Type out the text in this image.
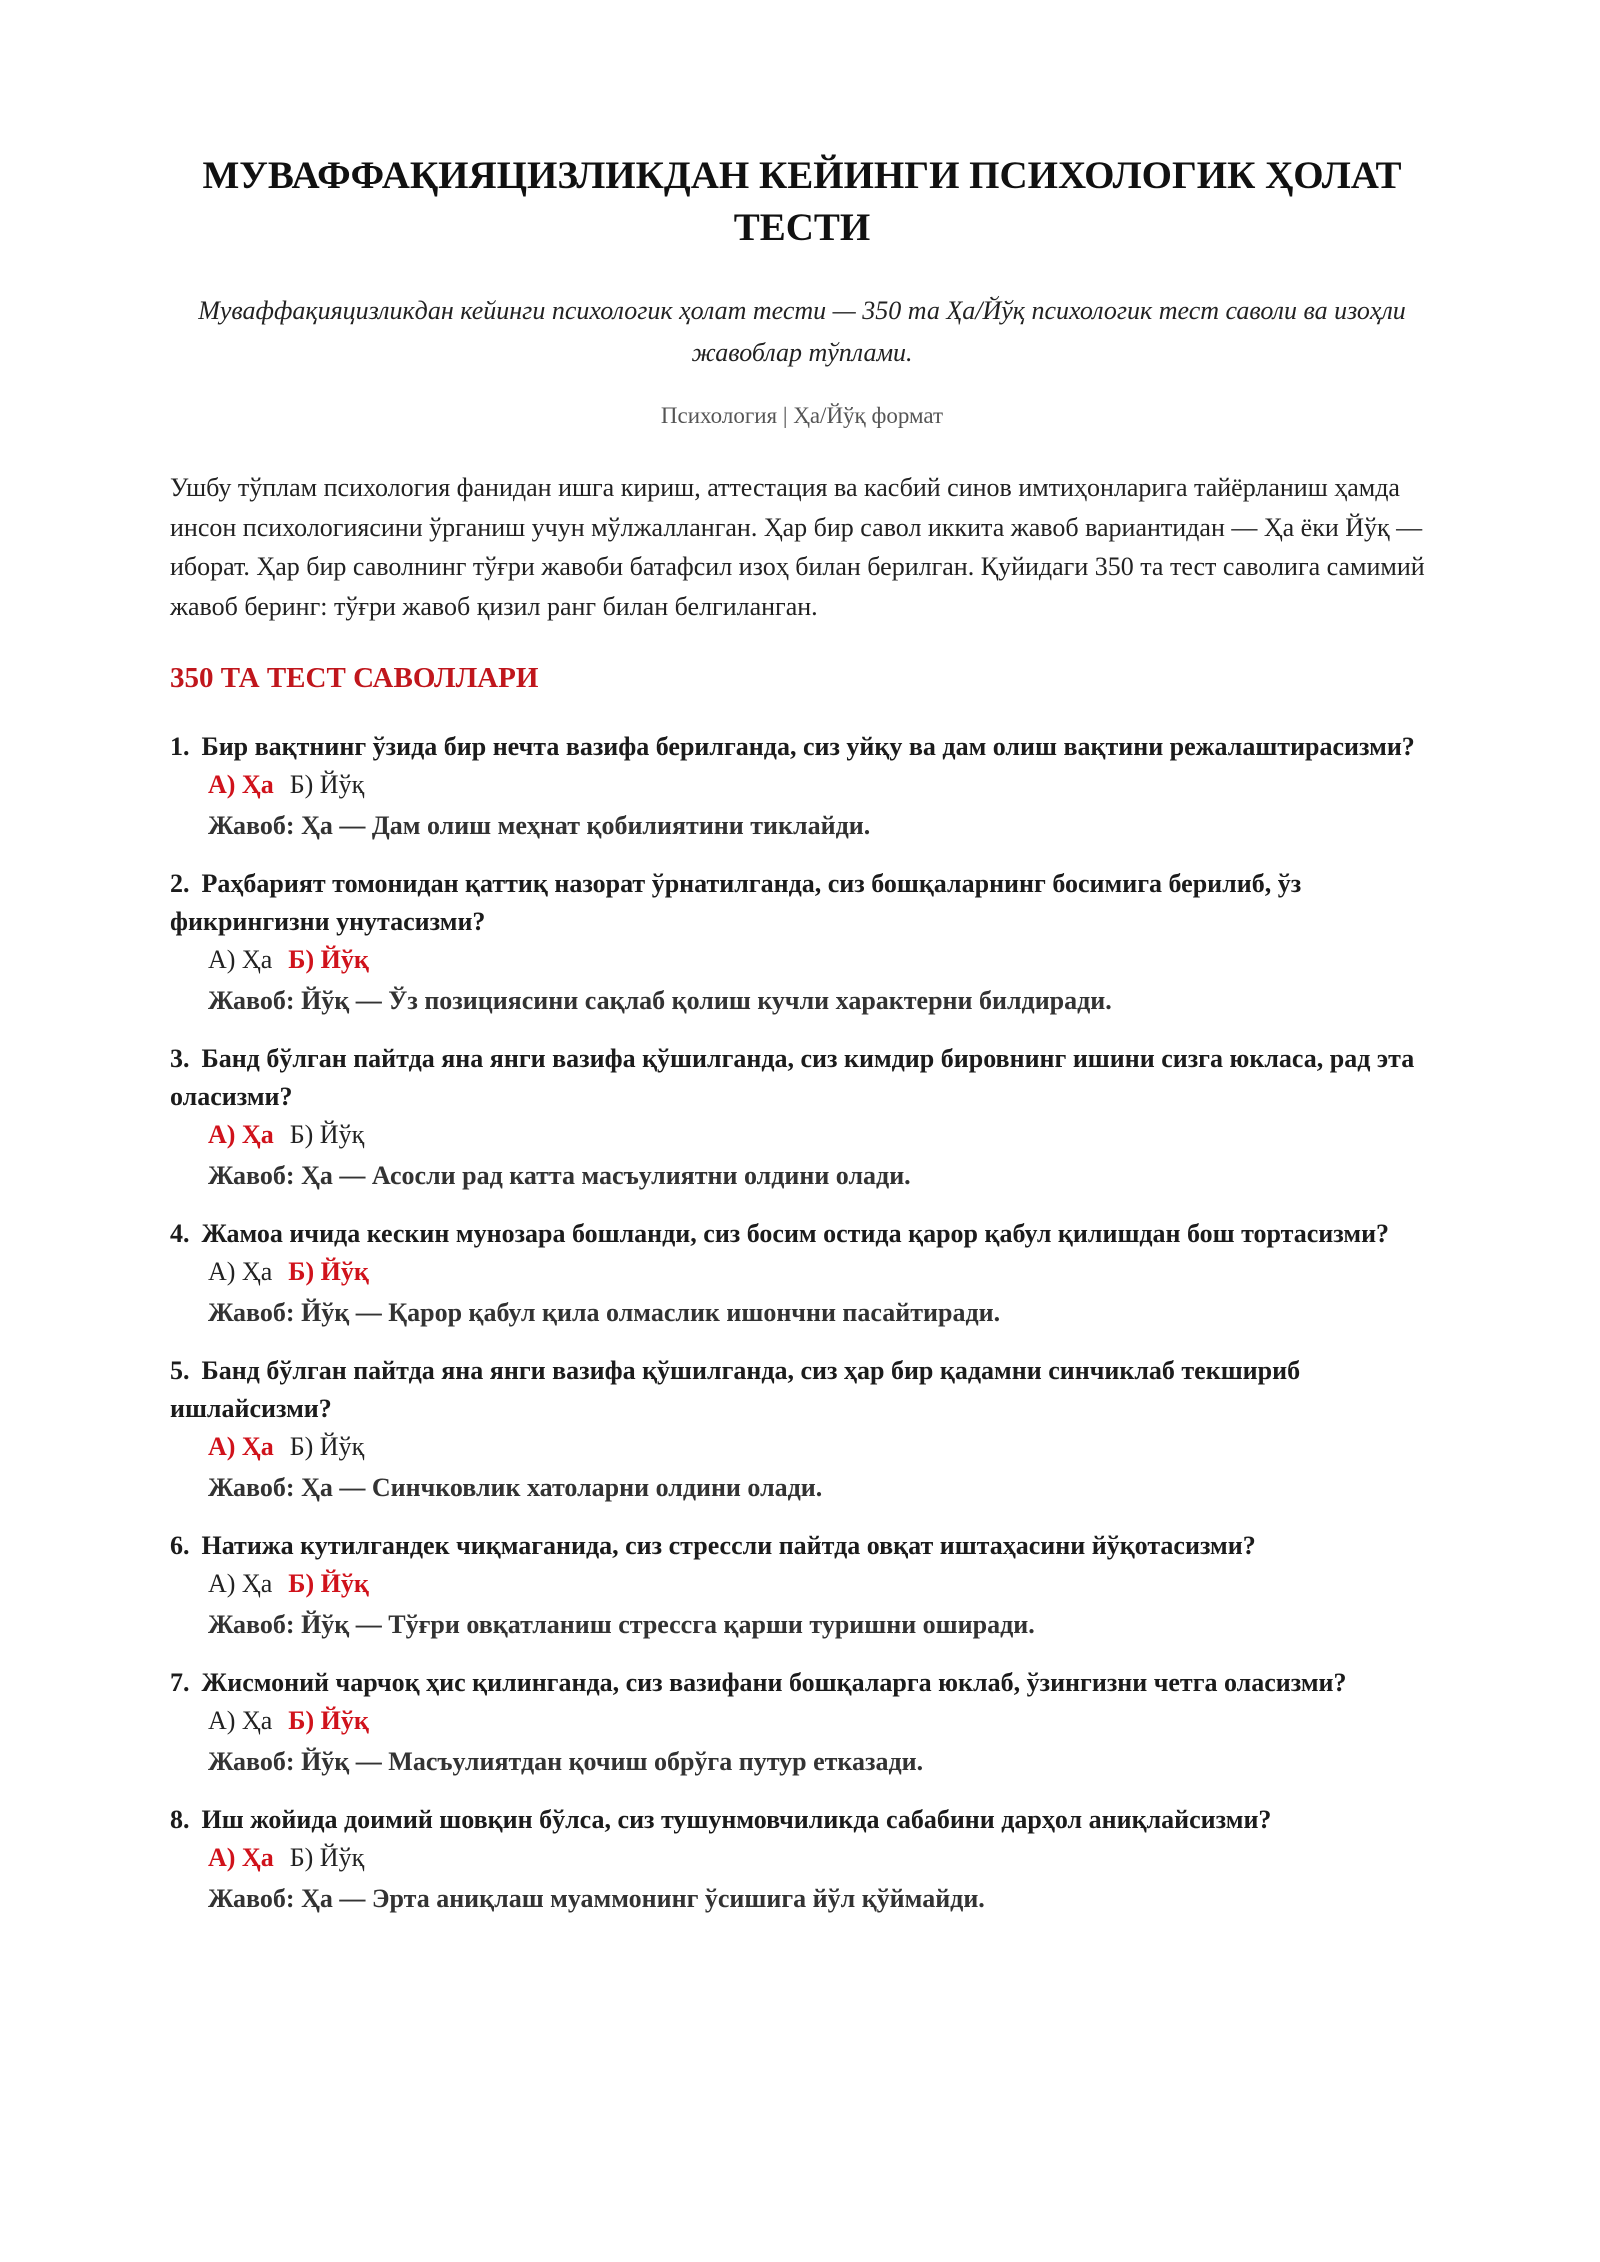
МУВАФФАҚИЯЦИЗЛИКДАН КЕЙИНГИ ПСИХОЛОГИК ҲОЛАТ ТЕСТИ
Муваффақияцизликдан кейинги психологик ҳолат тести — 350 та Ҳа/Йўқ психологик тест саволи ва изоҳли жавоблар тўплами.
Психология | Ҳа/Йўқ формат

Ушбу тўплам психология фанидан ишга кириш, аттестация ва касбий синов имтиҳонларига тайёрланиш ҳамда инсон психологиясини ўрганиш учун мўлжалланган. Ҳар бир савол иккита жавоб вариантидан — Ҳа ёки Йўқ — иборат. Ҳар бир саволнинг тўғри жавоби батафсил изоҳ билан берилган. Қуйидаги 350 та тест саволига самимий жавоб беринг: тўғри жавоб қизил ранг билан белгиланган.

350 ТА ТЕСТ САВОЛЛАРИ
1. Бир вақтнинг ўзида бир нечта вазифа берилганда, сиз уйқу ва дам олиш вақтини режалаштирасизми?
А) Ҳа Б) Йўқ
Жавоб: Ҳа — Дам олиш меҳнат қобилиятини тиклайди.
2. Раҳбарият томонидан қаттиқ назорат ўрнатилганда, сиз бошқаларнинг босимига берилиб, ўз фикрингизни унутасизми?
А) Ҳа Б) Йўқ
Жавоб: Йўқ — Ўз позициясини сақлаб қолиш кучли характерни билдиради.
3. Банд бўлган пайтда яна янги вазифа қўшилганда, сиз кимдир бировнинг ишини сизга юкласа, рад эта оласизми?
А) Ҳа Б) Йўқ
Жавоб: Ҳа — Асосли рад катта масъулиятни олдини олади.
4. Жамоа ичида кескин мунозара бошланди, сиз босим остида қарор қабул қилишдан бош тортасизми?
А) Ҳа Б) Йўқ
Жавоб: Йўқ — Қарор қабул қила олмаслик ишончни пасайтиради.
5. Банд бўлган пайтда яна янги вазифа қўшилганда, сиз ҳар бир қадамни синчиклаб текшириб ишлайсизми?
А) Ҳа Б) Йўқ
Жавоб: Ҳа — Синчковлик хатоларни олдини олади.
6. Натижа кутилгандек чиқмаганида, сиз стрессли пайтда овқат иштаҳасини йўқотасизми?
А) Ҳа Б) Йўқ
Жавоб: Йўқ — Тўғри овқатланиш стрессга қарши туришни оширади.
7. Жисмоний чарчоқ ҳис қилинганда, сиз вазифани бошқаларга юклаб, ўзингизни четга оласизми?
А) Ҳа Б) Йўқ
Жавоб: Йўқ — Масъулиятдан қочиш обрўга путур етказади.
8. Иш жойида доимий шовқин бўлса, сиз тушунмовчиликда сабабини дарҳол аниқлайсизми?
А) Ҳа Б) Йўқ
Жавоб: Ҳа — Эрта аниқлаш муаммонинг ўсишига йўл қўймайди.
